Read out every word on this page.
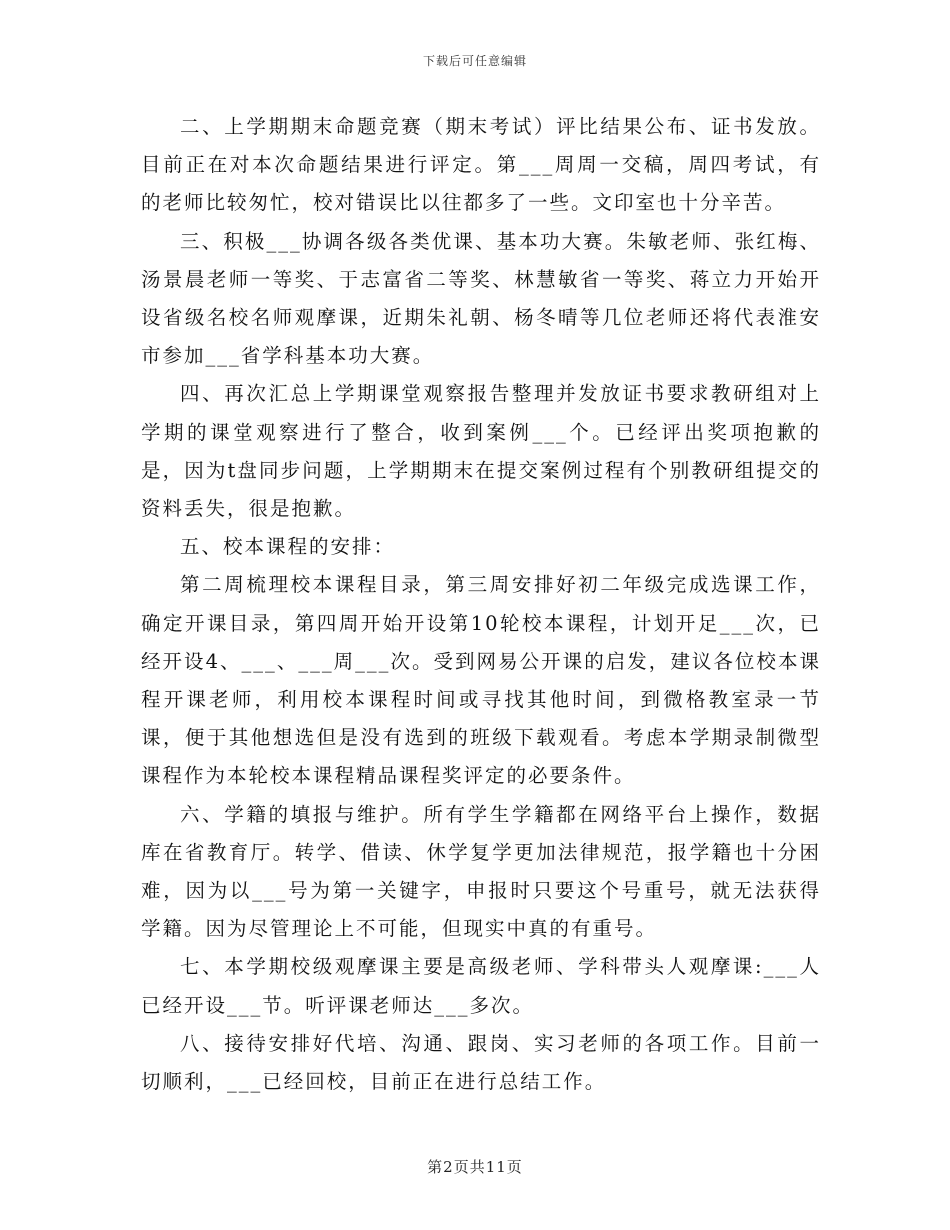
下载后可任意编辑

二、上学期期末命题竞赛（期末考试）评比结果公布、证书发放。目前正在对本次命题结果进行评定。第___周周一交稿，周四考试，有的老师比较匆忙，校对错误比以往都多了一些。文印室也十分辛苦。

三、积极___协调各级各类优课、基本功大赛。朱敏老师、张红梅、汤景晨老师一等奖、于志富省二等奖、林慧敏省一等奖、蒋立力开始开设省级名校名师观摩课，近期朱礼朝、杨冬晴等几位老师还将代表淮安市参加___省学科基本功大赛。

四、再次汇总上学期课堂观察报告整理并发放证书要求教研组对上学期的课堂观察进行了整合，收到案例___个。已经评出奖项抱歉的是，因为t盘同步问题，上学期期末在提交案例过程有个别教研组提交的资料丢失，很是抱歉。

五、校本课程的安排：

第二周梳理校本课程目录，第三周安排好初二年级完成选课工作，确定开课目录，第四周开始开设第10轮校本课程，计划开足___次，已经开设4、___、___周___次。受到网易公开课的启发，建议各位校本课程开课老师，利用校本课程时间或寻找其他时间，到微格教室录一节课，便于其他想选但是没有选到的班级下载观看。考虑本学期录制微型课程作为本轮校本课程精品课程奖评定的必要条件。

六、学籍的填报与维护。所有学生学籍都在网络平台上操作，数据库在省教育厅。转学、借读、休学复学更加法律规范，报学籍也十分困难，因为以___号为第一关键字，申报时只要这个号重号，就无法获得学籍。因为尽管理论上不可能，但现实中真的有重号。

七、本学期校级观摩课主要是高级老师、学科带头人观摩课:___人已经开设___节。听评课老师达___多次。

八、接待安排好代培、沟通、跟岗、实习老师的各项工作。目前一切顺利，___已经回校，目前正在进行总结工作。

第2页共11页
